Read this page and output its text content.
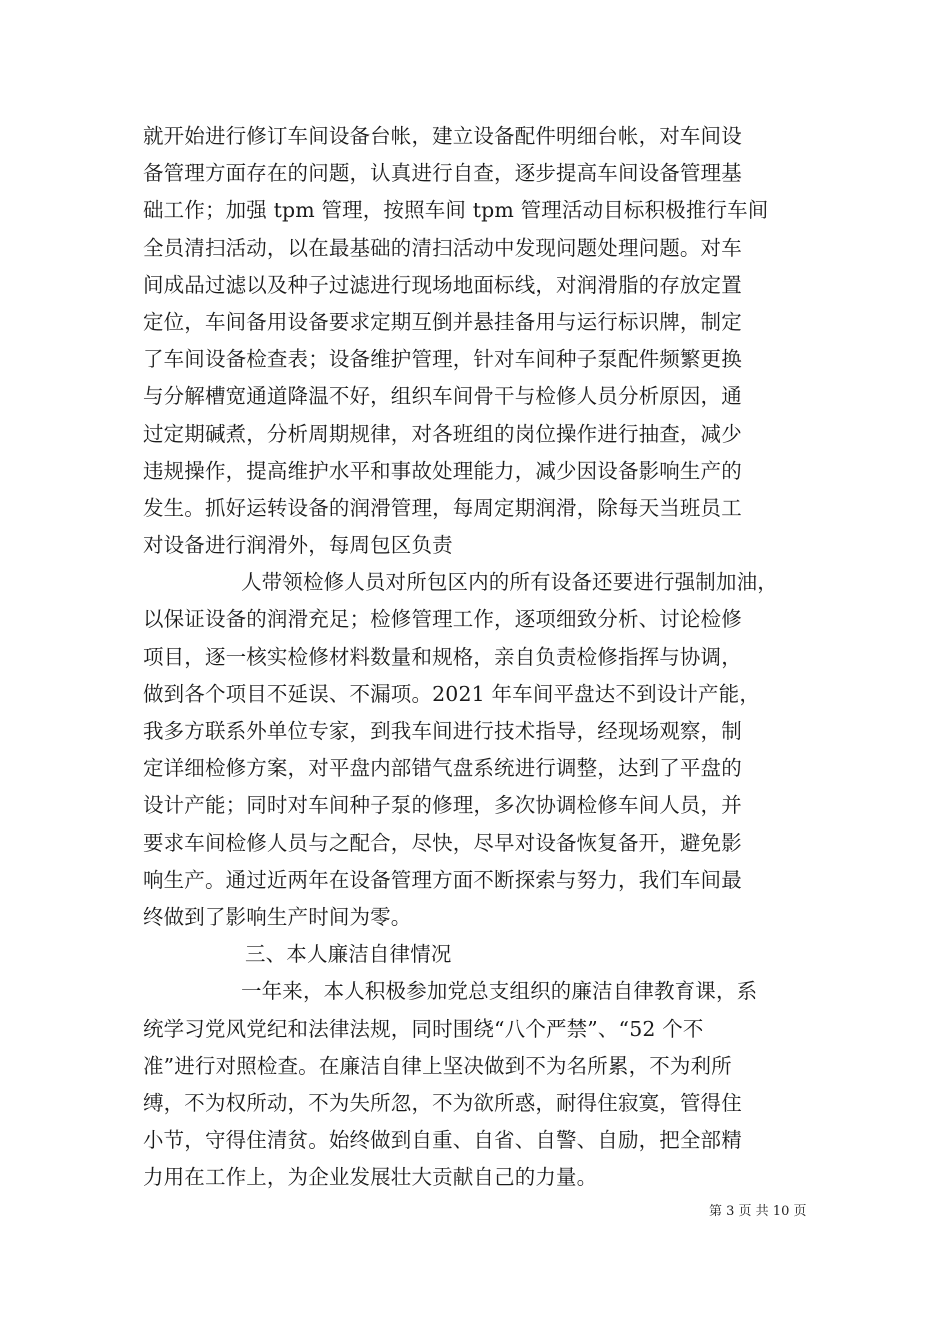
就开始进行修订车间设备台帐，建立设备配件明细台帐，对车间设
备管理方面存在的问题，认真进行自查，逐步提高车间设备管理基
础工作；加强 tpm 管理，按照车间 tpm 管理活动目标积极推行车间
全员清扫活动，以在最基础的清扫活动中发现问题处理问题。对车
间成品过滤以及种子过滤进行现场地面标线，对润滑脂的存放定置
定位，车间备用设备要求定期互倒并悬挂备用与运行标识牌，制定
了车间设备检查表；设备维护管理，针对车间种子泵配件频繁更换
与分解槽宽通道降温不好，组织车间骨干与检修人员分析原因，通
过定期碱煮，分析周期规律，对各班组的岗位操作进行抽查，减少
违规操作，提高维护水平和事故处理能力，减少因设备影响生产的
发生。抓好运转设备的润滑管理，每周定期润滑，除每天当班员工
对设备进行润滑外，每周包区负责
人带领检修人员对所包区内的所有设备还要进行强制加油，
以保证设备的润滑充足；检修管理工作，逐项细致分析、讨论检修
项目，逐一核实检修材料数量和规格，亲自负责检修指挥与协调，
做到各个项目不延误、不漏项。2021 年车间平盘达不到设计产能，
我多方联系外单位专家，到我车间进行技术指导，经现场观察，制
定详细检修方案，对平盘内部错气盘系统进行调整，达到了平盘的
设计产能；同时对车间种子泵的修理，多次协调检修车间人员，并
要求车间检修人员与之配合，尽快，尽早对设备恢复备开，避免影
响生产。通过近两年在设备管理方面不断探索与努力，我们车间最
终做到了影响生产时间为零。
三、本人廉洁自律情况
一年来，本人积极参加党总支组织的廉洁自律教育课，系
统学习党风党纪和法律法规，同时围绕“八个严禁”、“52 个不
准”进行对照检查。在廉洁自律上坚决做到不为名所累，不为利所
缚，不为权所动，不为失所忽，不为欲所惑，耐得住寂寞，管得住
小节，守得住清贫。始终做到自重、自省、自警、自励，把全部精
力用在工作上，为企业发展壮大贡献自己的力量。
第 3 页 共 10 页
